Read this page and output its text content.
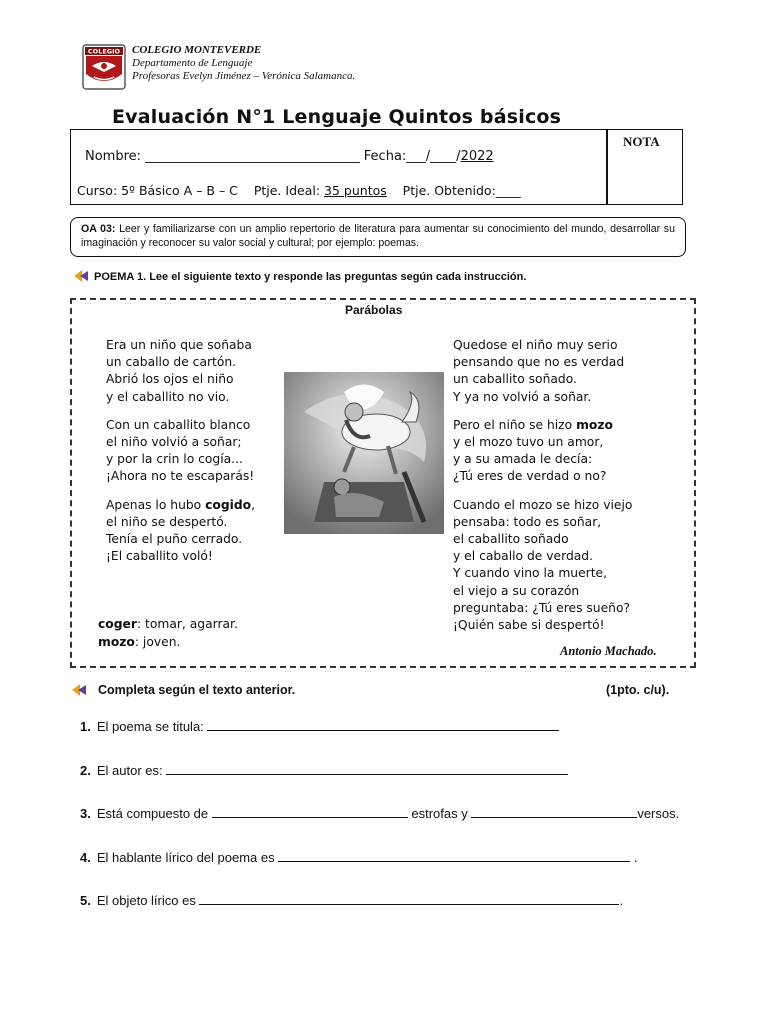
COLEGIO COLEGIO MONTEVERDE
Departamento de Lenguaje
Profesoras Evelyn Jiménez – Verónica Salamanca.
Evaluación N°1 Lenguaje Quintos básicos
NOTA
Nombre: _________________________________ Fecha:___/____/2022
Curso: 5º Básico A – B – C Ptje. Ideal: 35 puntos Ptje. Obtenido:____
OA 03: Leer y familiarizarse con un amplio repertorio de literatura para aumentar su conocimiento del mundo, desarrollar su imaginación y reconocer su valor social y cultural; por ejemplo: poemas.
POEMA 1. Lee el siguiente texto y responde las preguntas según cada instrucción.
Parábolas
Era un niño que soñaba
un caballo de cartón.
Abrió los ojos el niño
y el caballito no vio.
Con un caballito blanco
el niño volvió a soñar;
y por la crin lo cogía...
¡Ahora no te escaparás!
Apenas lo hubo cogido,
el niño se despertó.
Tenía el puño cerrado.
¡El caballito voló!
Quedose el niño muy serio
pensando que no es verdad
un caballito soñado.
Y ya no volvió a soñar.
Pero el niño se hizo mozo
y el mozo tuvo un amor,
y a su amada le decía:
¿Tú eres de verdad o no?
Cuando el mozo se hizo viejo
pensaba: todo es soñar,
el caballito soñado
y el caballo de verdad.
Y cuando vino la muerte,
el viejo a su corazón
preguntaba: ¿Tú eres sueño?
¡Quién sabe si despertó!
coger: tomar, agarrar.
mozo: joven.
Antonio Machado.
Completa según el texto anterior.	(1pto. c/u).
1. El poema se titula:
2. El autor es:
3. Está compuesto de	estrofas y	versos.
4. El hablante lírico del poema es	.
5. El objeto lírico es	.
